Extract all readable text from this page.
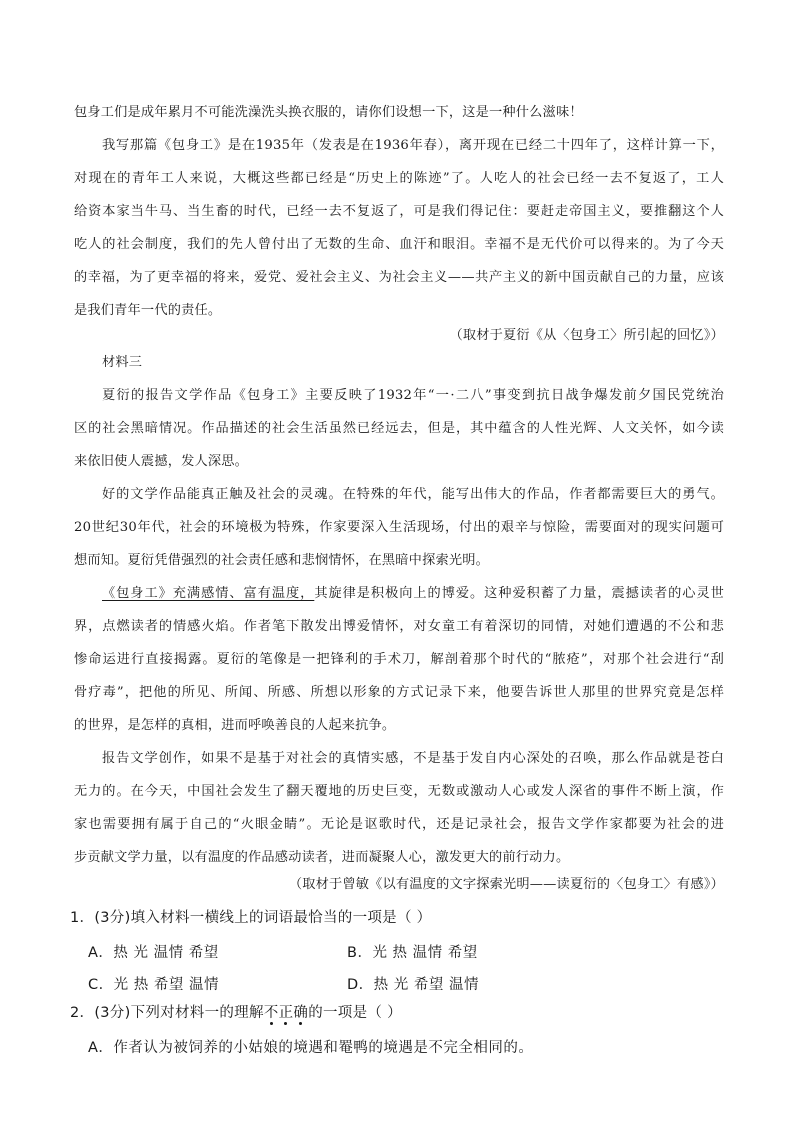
包身工们是成年累月不可能洗澡洗头换衣服的，请你们设想一下，这是一种什么滋味！
我写那篇《包身工》是在1935年（发表是在1936年春），离开现在已经二十四年了，这样计算一下，
对现在的青年工人来说，大概这些都已经是“历史上的陈迹”了。人吃人的社会已经一去不复返了，工人
给资本家当牛马、当生畜的时代，已经一去不复返了，可是我们得记住：要赶走帝国主义，要推翻这个人
吃人的社会制度，我们的先人曾付出了无数的生命、血汗和眼泪。幸福不是无代价可以得来的。为了今天
的幸福，为了更幸福的将来，爱党、爱社会主义、为社会主义——共产主义的新中国贡献自己的力量，应该
是我们青年一代的责任。
（取材于夏衍《从〈包身工〉所引起的回忆》）
材料三
夏衍的报告文学作品《包身工》主要反映了1932年“一·二八”事变到抗日战争爆发前夕国民党统治
区的社会黑暗情况。作品描述的社会生活虽然已经远去，但是，其中蕴含的人性光辉、人文关怀，如今读
来依旧使人震撼，发人深思。
好的文学作品能真正触及社会的灵魂。在特殊的年代，能写出伟大的作品，作者都需要巨大的勇气。
20世纪30年代，社会的环境极为特殊，作家要深入生活现场，付出的艰辛与惊险，需要面对的现实问题可
想而知。夏衍凭借强烈的社会责任感和悲悯情怀，在黑暗中探索光明。
《包身工》充满感情、富有温度，其旋律是积极向上的博爱。这种爱积蓄了力量，震撼读者的心灵世
界，点燃读者的情感火焰。作者笔下散发出博爱情怀，对女童工有着深切的同情，对她们遭遇的不公和悲
惨命运进行直接揭露。夏衍的笔像是一把锋利的手术刀，解剖着那个时代的“脓疮”，对那个社会进行“刮
骨疗毒”，把他的所见、所闻、所感、所想以形象的方式记录下来，他要告诉世人那里的世界究竟是怎样
的世界，是怎样的真相，进而呼唤善良的人起来抗争。
报告文学创作，如果不是基于对社会的真情实感，不是基于发自内心深处的召唤，那么作品就是苍白
无力的。在今天，中国社会发生了翻天覆地的历史巨变，无数或激动人心或发人深省的事件不断上演，作
家也需要拥有属于自己的“火眼金睛”。无论是讴歌时代，还是记录社会，报告文学作家都要为社会的进
步贡献文学力量，以有温度的作品感动读者，进而凝聚人心，激发更大的前行动力。
（取材于曾敏《以有温度的文字探索光明——读夏衍的〈包身工〉有感》）
1．(3分)填入材料一横线上的词语最恰当的一项是（ ）
A．热 光 温情 希望	B．光 热 温情 希望
C．光 热 希望 温情	D．热 光 希望 温情
2．(3分)下列对材料一的理解不正确的一项是（ ）
A．作者认为被饲养的小姑娘的境遇和罨鸭的境遇是不完全相同的。
